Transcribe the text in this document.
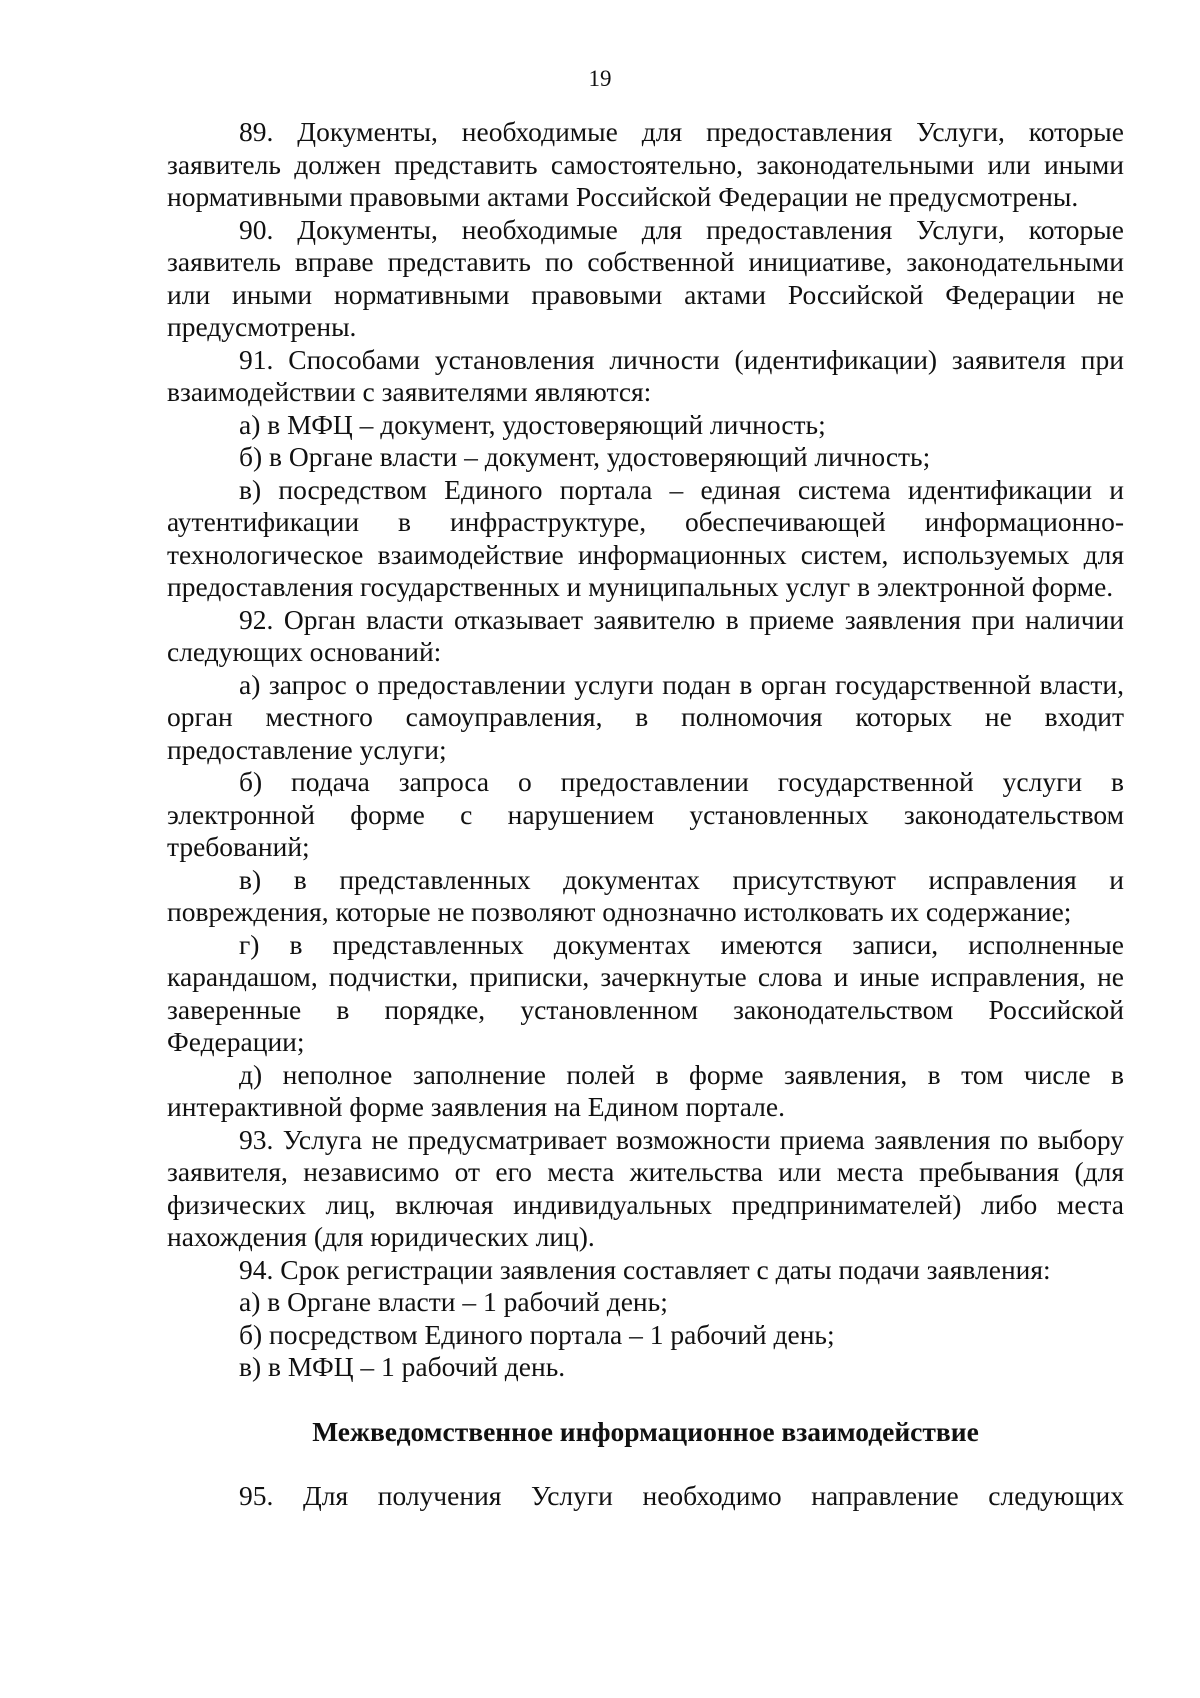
19

89. Документы, необходимые для предоставления Услуги, которые заявитель должен представить самостоятельно, законодательными или иными нормативными правовыми актами Российской Федерации не предусмотрены.

90. Документы, необходимые для предоставления Услуги, которые заявитель вправе представить по собственной инициативе, законодательными или иными нормативными правовыми актами Российской Федерации не предусмотрены.

91. Способами установления личности (идентификации) заявителя при взаимодействии с заявителями являются:

а) в МФЦ – документ, удостоверяющий личность;

б) в Органе власти – документ, удостоверяющий личность;

в) посредством Единого портала – единая система идентификации и аутентификации в инфраструктуре, обеспечивающей информационно-технологическое взаимодействие информационных систем, используемых для предоставления государственных и муниципальных услуг в электронной форме.

92. Орган власти отказывает заявителю в приеме заявления при наличии следующих оснований:

а) запрос о предоставлении услуги подан в орган государственной власти, орган местного самоуправления, в полномочия которых не входит предоставление услуги;

б) подача запроса о предоставлении государственной услуги в электронной форме с нарушением установленных законодательством требований;

в) в представленных документах присутствуют исправления и повреждения, которые не позволяют однозначно истолковать их содержание;

г) в представленных документах имеются записи, исполненные карандашом, подчистки, приписки, зачеркнутые слова и иные исправления, не заверенные в порядке, установленном законодательством Российской Федерации;

д) неполное заполнение полей в форме заявления, в том числе в интерактивной форме заявления на Едином портале.

93. Услуга не предусматривает возможности приема заявления по выбору заявителя, независимо от его места жительства или места пребывания (для физических лиц, включая индивидуальных предпринимателей) либо места нахождения (для юридических лиц).

94. Срок регистрации заявления составляет с даты подачи заявления:

а) в Органе власти – 1 рабочий день;

б) посредством Единого портала – 1 рабочий день;

в) в МФЦ – 1 рабочий день.

Межведомственное информационное взаимодействие

95. Для получения Услуги необходимо направление следующих
